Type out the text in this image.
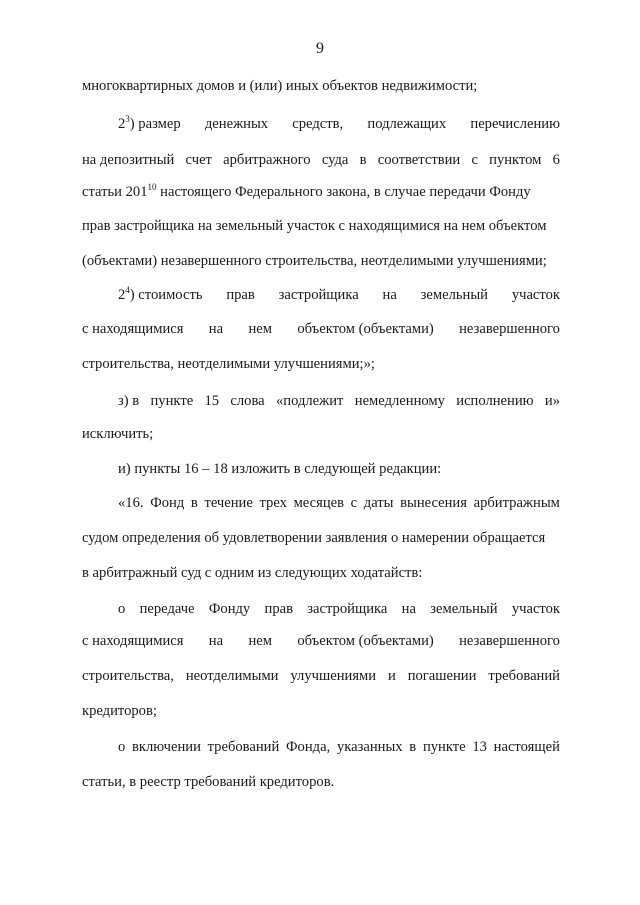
9
многоквартирных домов и (или) иных объектов недвижимости;
$2^3$) размер денежных средств, подлежащих перечислению
на депозитный счет арбитражного суда в соответствии с пунктом 6
статьи $201^{10}$ настоящего Федерального закона, в случае передачи Фонду
прав застройщика на земельный участок с находящимися на нем объектом
(объектами) незавершенного строительства, неотделимыми улучшениями;
$2^4$) стоимость прав застройщика на земельный участок
с находящимися на нем объектом (объектами) незавершенного
строительства, неотделимыми улучшениями;»;
з) в пункте 15 слова «подлежит немедленному исполнению и»
исключить;
и) пункты 16 – 18 изложить в следующей редакции:
«16. Фонд в течение трех месяцев с даты вынесения арбитражным
судом определения об удовлетворении заявления о намерении обращается
в арбитражный суд с одним из следующих ходатайств:
о передаче Фонду прав застройщика на земельный участок
с находящимися на нем объектом (объектами) незавершенного
строительства, неотделимыми улучшениями и погашении требований
кредиторов;
о включении требований Фонда, указанных в пункте 13 настоящей
статьи, в реестр требований кредиторов.
